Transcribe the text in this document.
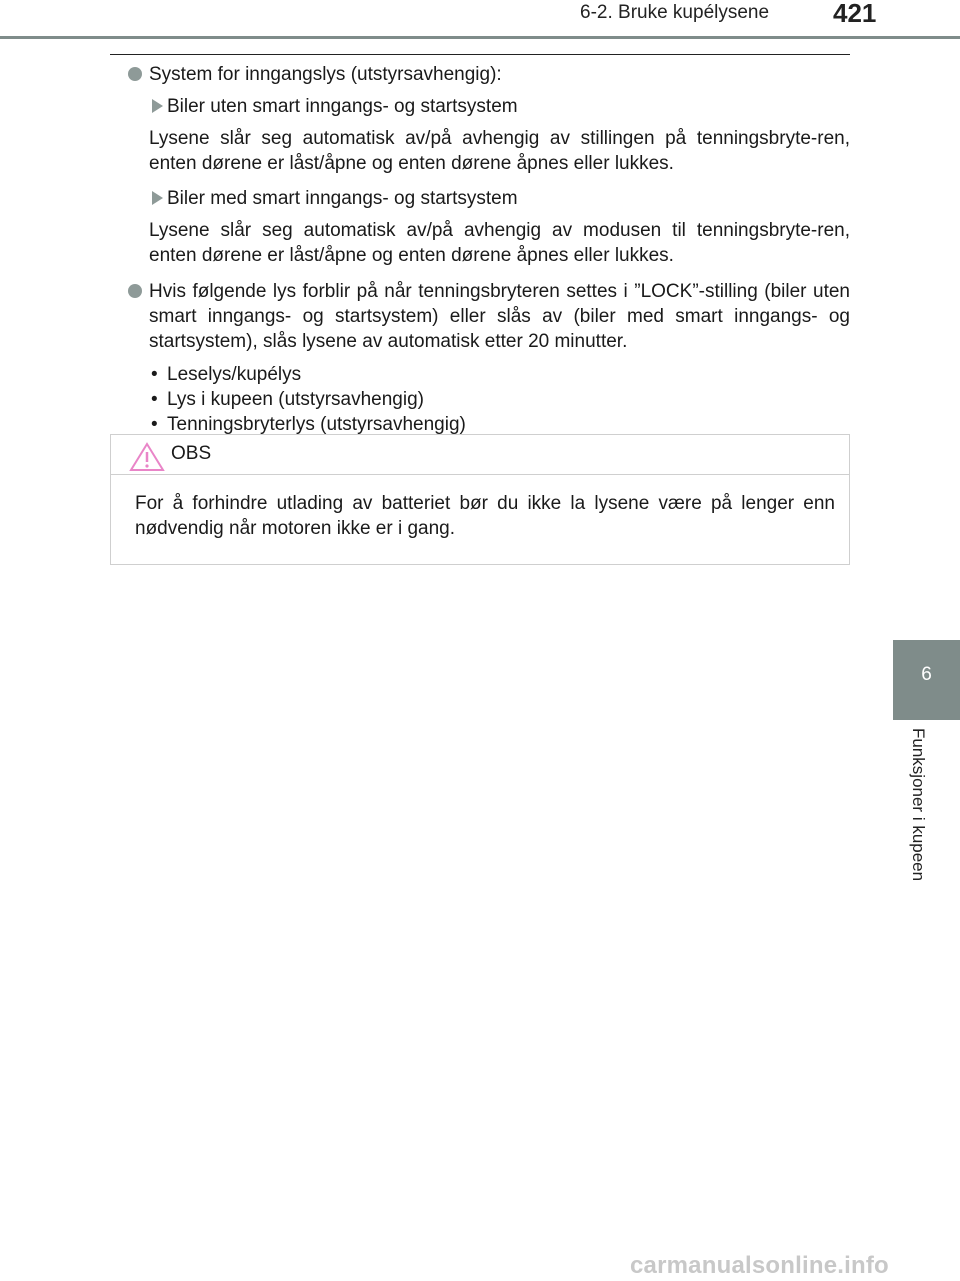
6-2. Bruke kupélysene 421
System for inngangslys (utstyrsavhengig):
Biler uten smart inngangs- og startsystem
Lysene slår seg automatisk av/på avhengig av stillingen på tenningsbryte-ren, enten dørene er låst/åpne og enten dørene åpnes eller lukkes.
Biler med smart inngangs- og startsystem
Lysene slår seg automatisk av/på avhengig av modusen til tenningsbryte-ren, enten dørene er låst/åpne og enten dørene åpnes eller lukkes.
Hvis følgende lys forblir på når tenningsbryteren settes i ”LOCK”-stilling (biler uten smart inngangs- og startsystem) eller slås av (biler med smart inngangs- og startsystem), slås lysene av automatisk etter 20 minutter.
• Leselys/kupélys
• Lys i kupeen (utstyrsavhengig)
• Tenningsbryterlys (utstyrsavhengig)
OBS
For å forhindre utlading av batteriet bør du ikke la lysene være på lenger enn nødvendig når motoren ikke er i gang.
6
Funksjoner i kupeen
carmanualsonline.info
